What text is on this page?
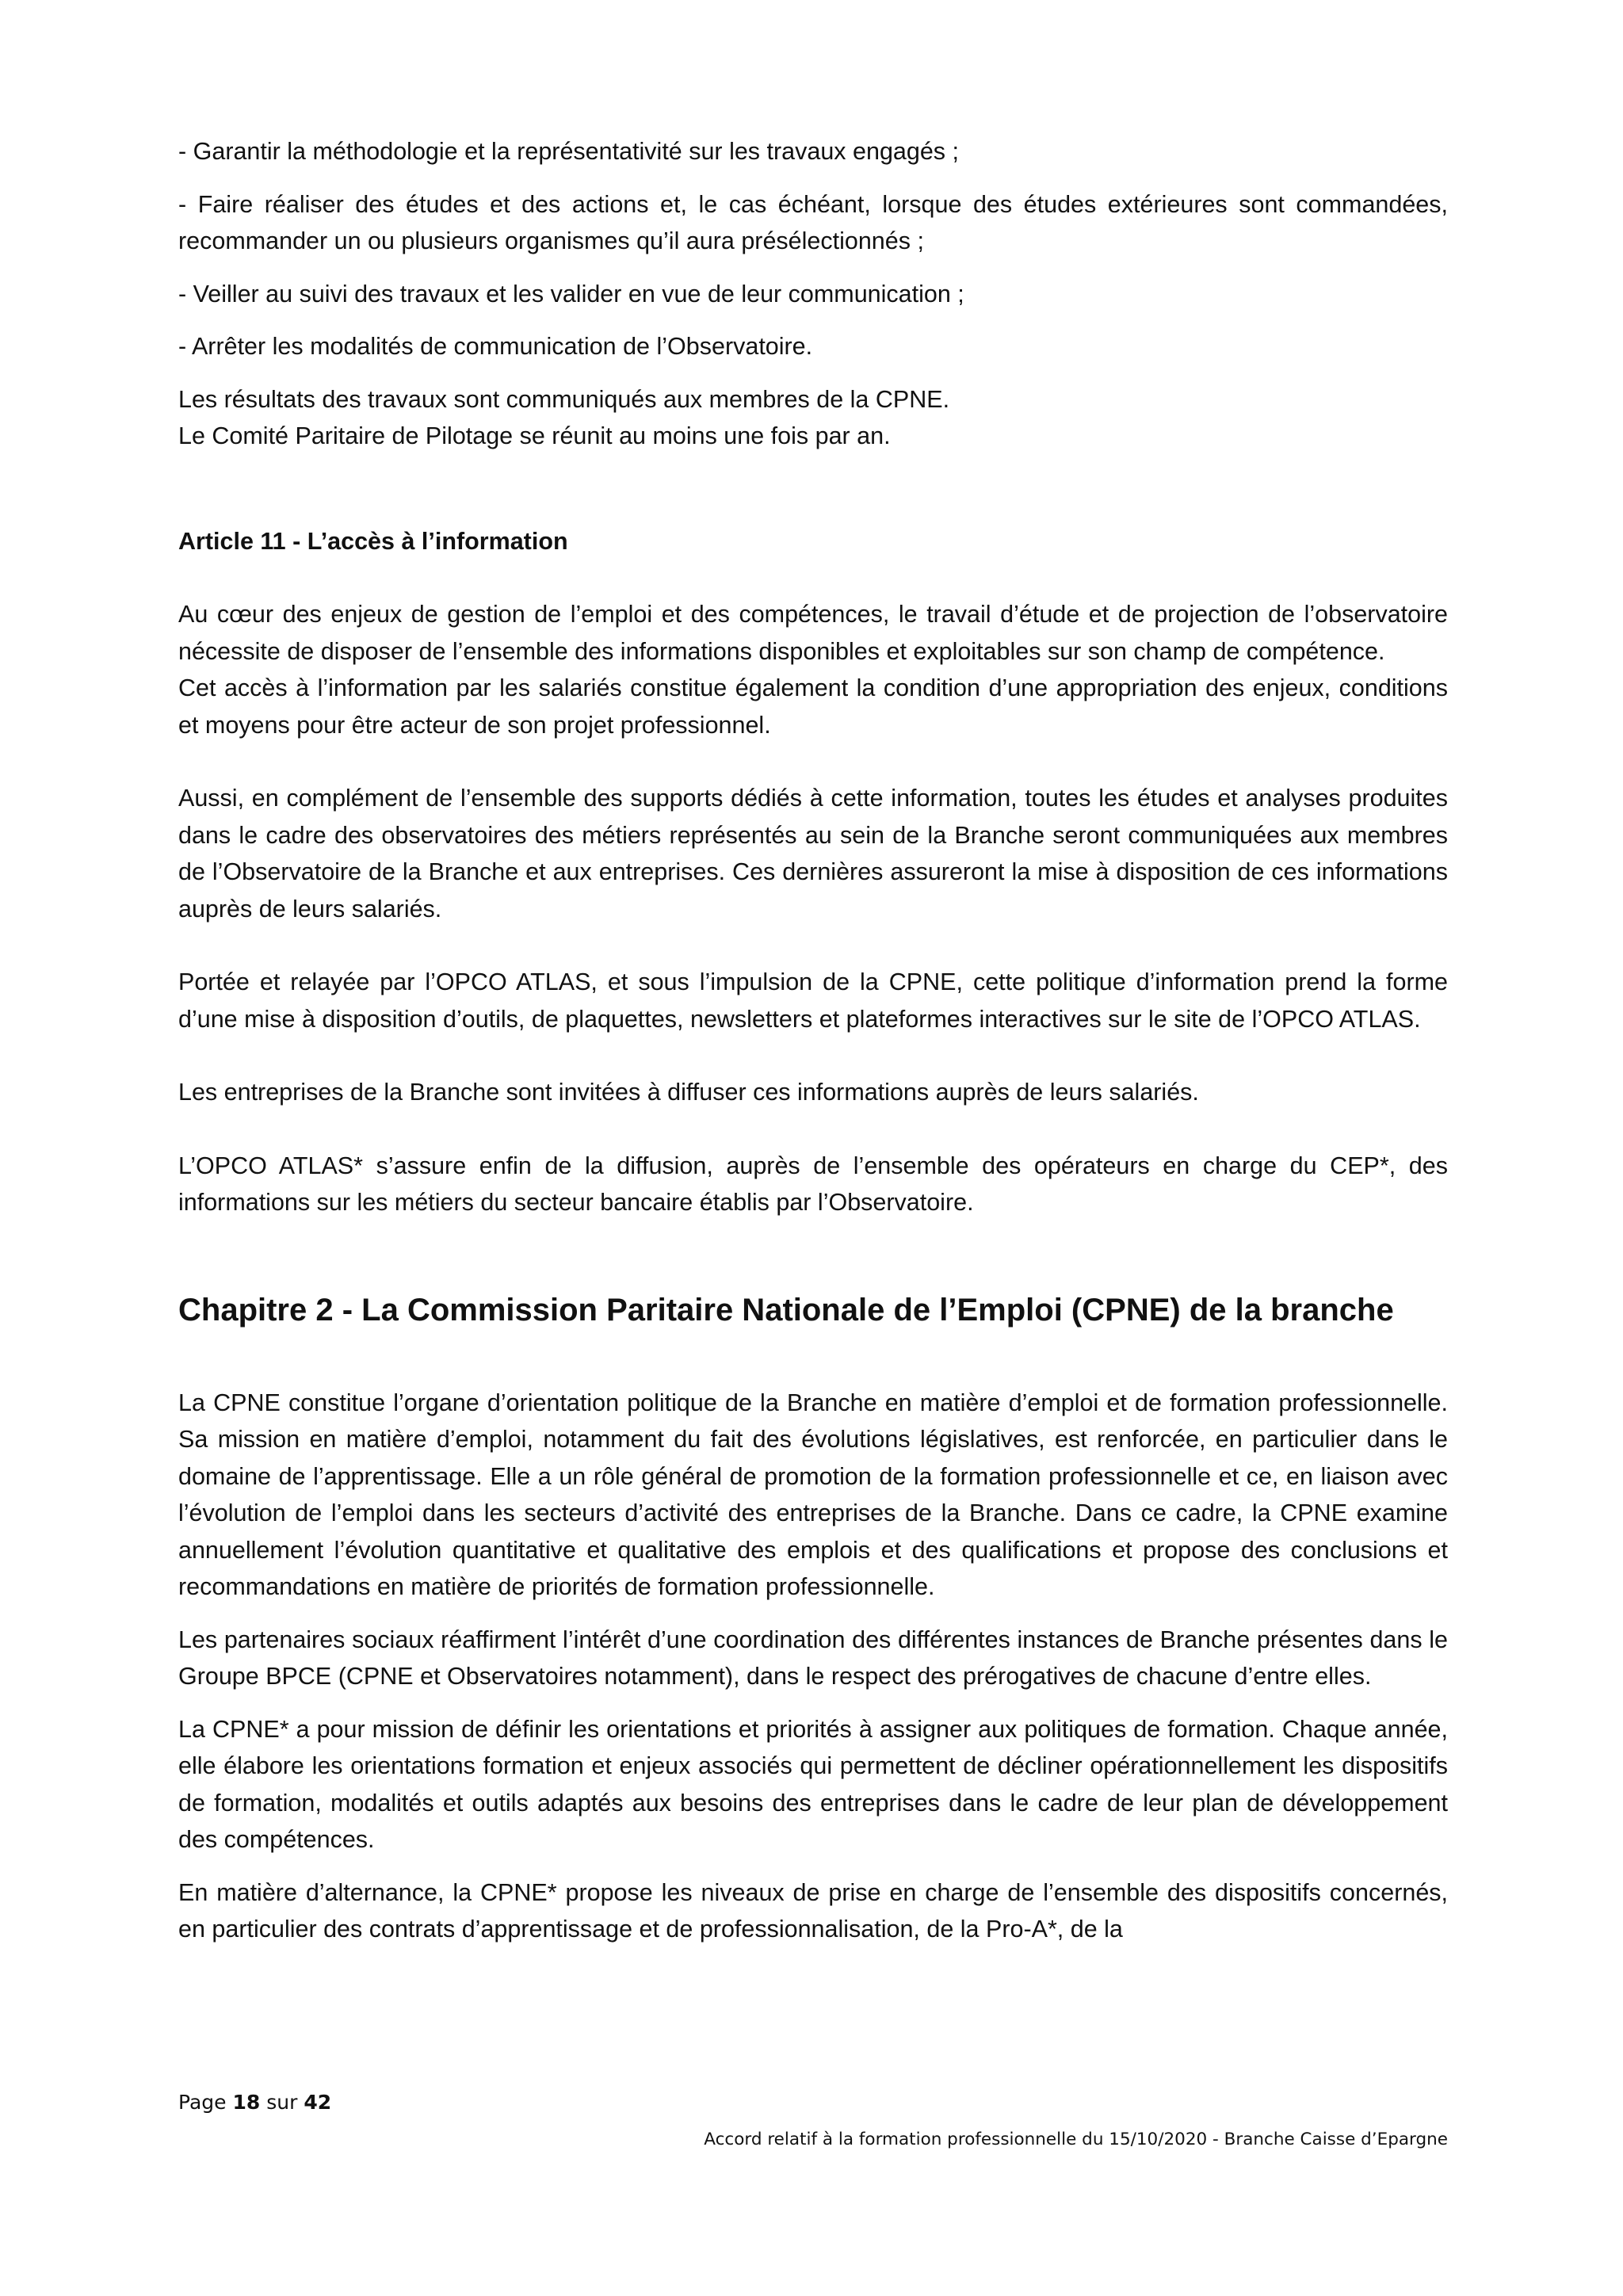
- Garantir la méthodologie et la représentativité sur les travaux engagés ;

- Faire réaliser des études et des actions et, le cas échéant, lorsque des études extérieures sont commandées, recommander un ou plusieurs organismes qu’il aura présélectionnés ;

- Veiller au suivi des travaux et les valider en vue de leur communication ;

- Arrêter les modalités de communication de l’Observatoire.

Les résultats des travaux sont communiqués aux membres de la CPNE.

Le Comité Paritaire de Pilotage se réunit au moins une fois par an.

Article 11 - L’accès à l’information

Au cœur des enjeux de gestion de l’emploi et des compétences, le travail d’étude et de projection de l’observatoire nécessite de disposer de l’ensemble des informations disponibles et exploitables sur son champ de compétence.

Cet accès à l’information par les salariés constitue également la condition d’une appropriation des enjeux, conditions et moyens pour être acteur de son projet professionnel.

Aussi, en complément de l’ensemble des supports dédiés à cette information, toutes les études et analyses produites dans le cadre des observatoires des métiers représentés au sein de la Branche seront communiquées aux membres de l’Observatoire de la Branche et aux entreprises. Ces dernières assureront la mise à disposition de ces informations auprès de leurs salariés.

Portée et relayée par l’OPCO ATLAS, et sous l’impulsion de la CPNE, cette politique d’information prend la forme d’une mise à disposition d’outils, de plaquettes, newsletters et plateformes interactives sur le site de l’OPCO ATLAS.

Les entreprises de la Branche sont invitées à diffuser ces informations auprès de leurs salariés.

L’OPCO ATLAS* s’assure enfin de la diffusion, auprès de l’ensemble des opérateurs en charge du CEP*, des informations sur les métiers du secteur bancaire établis par l’Observatoire.

Chapitre 2 - La Commission Paritaire Nationale de l’Emploi (CPNE) de la branche

La CPNE constitue l’organe d’orientation politique de la Branche en matière d’emploi et de formation professionnelle. Sa mission en matière d’emploi, notamment du fait des évolutions législatives, est renforcée, en particulier dans le domaine de l’apprentissage. Elle a un rôle général de promotion de la formation professionnelle et ce, en liaison avec l’évolution de l’emploi dans les secteurs d’activité des entreprises de la Branche. Dans ce cadre, la CPNE examine annuellement l’évolution quantitative et qualitative des emplois et des qualifications et propose des conclusions et recommandations en matière de priorités de formation professionnelle.

Les partenaires sociaux réaffirment l’intérêt d’une coordination des différentes instances de Branche présentes dans le Groupe BPCE (CPNE et Observatoires notamment), dans le respect des prérogatives de chacune d’entre elles.

La CPNE* a pour mission de définir les orientations et priorités à assigner aux politiques de formation. Chaque année, elle élabore les orientations formation et enjeux associés qui permettent de décliner opérationnellement les dispositifs de formation, modalités et outils adaptés aux besoins des entreprises dans le cadre de leur plan de développement des compétences.

En matière d’alternance, la CPNE* propose les niveaux de prise en charge de l’ensemble des dispositifs concernés, en particulier des contrats d’apprentissage et de professionnalisation, de la Pro-A*, de la

Page 18 sur 42
Accord relatif à la formation professionnelle du 15/10/2020 - Branche Caisse d’Epargne
